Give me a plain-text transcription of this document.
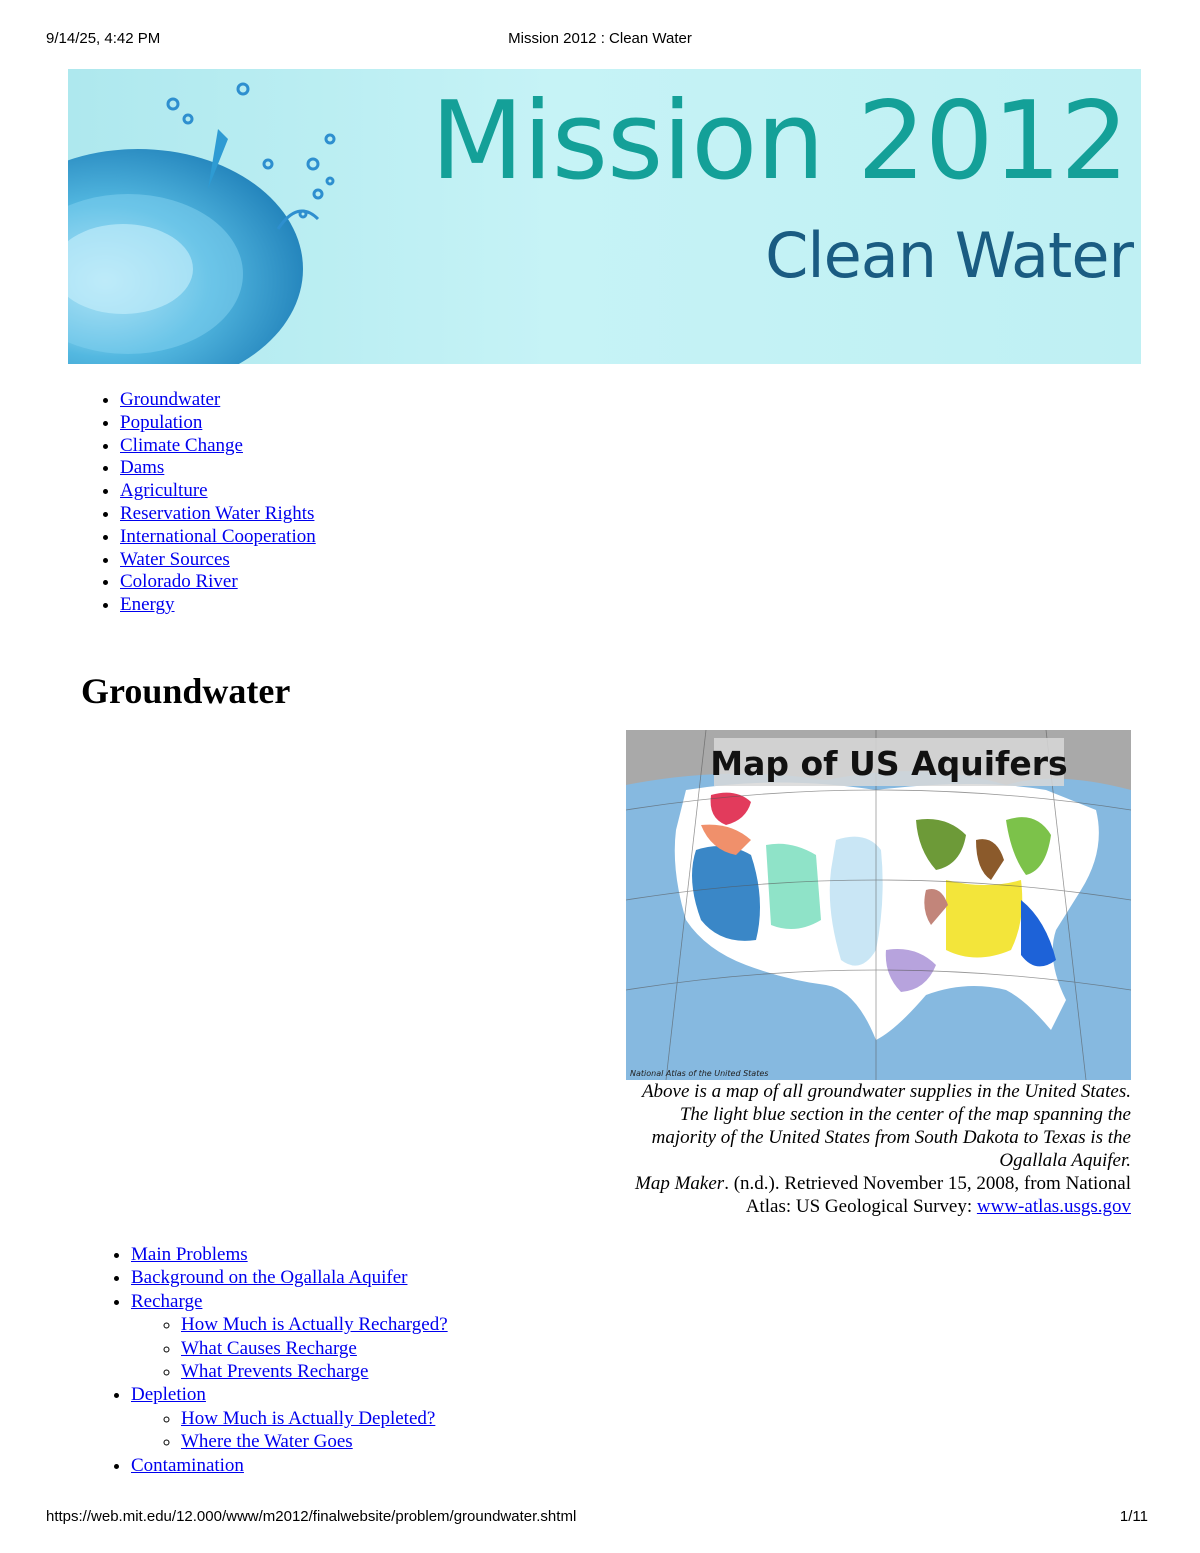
9/14/25, 4:42 PM	Mission 2012 : Clean Water
Mission 2012
Clean Water
• Groundwater
• Population
• Climate Change
• Dams
• Agriculture
• Reservation Water Rights
• International Cooperation
• Water Sources
• Colorado River
• Energy
Groundwater
Map of US Aquifers
National Atlas of the United States
Above is a map of all groundwater supplies in the United States. The light blue section in the center of the map spanning the majority of the United States from South Dakota to Texas is the Ogallala Aquifer.
Map Maker. (n.d.). Retrieved November 15, 2008, from National Atlas: US Geological Survey: www-atlas.usgs.gov
• Main Problems
• Background on the Ogallala Aquifer
• Recharge
◦ How Much is Actually Recharged?
◦ What Causes Recharge
◦ What Prevents Recharge
• Depletion
◦ How Much is Actually Depleted?
◦ Where the Water Goes
• Contamination
https://web.mit.edu/12.000/www/m2012/finalwebsite/problem/groundwater.shtml	1/11
